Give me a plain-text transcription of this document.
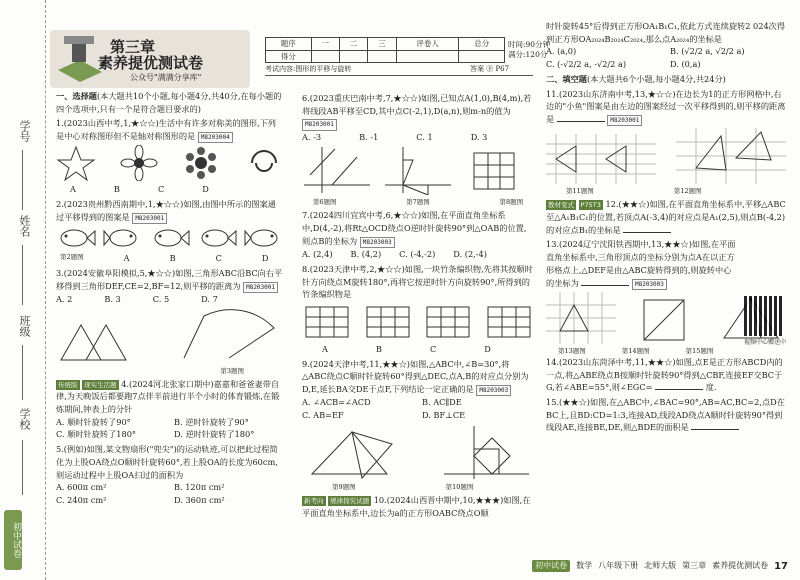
学号
姓名
班级
学校
初中试卷
第三章
素养提优测试卷
公众号"满满分享库"
题序	一	二	三	评卷人	总分
得分					
时间:90分钟
满分:120分
考试内容:图形的平移与旋转	答案 ⓟ P67
一、选择题(本大题共10个小题,每小题4分,共40分,在每小题的四个选项中,只有一个是符合题目要求的)
1.(2023山西中考,1,★☆☆)生活中有许多对称美的图形,下列是中心对称图形但不是轴对称图形的是 M8203004
A	B	C	D
2.(2023贵州黔西南期中,1,★☆☆)如图,由图中所示的图案通过平移得到的图案是 M8203001
第2题图	A	B	C	D
3.(2024安徽阜阳模拟,5,★☆☆)如图,三角形ABC沿BC向右平移得到三角形DEF,CE=2,BF=12,则平移的距离为 M8203001
A. 2	B. 3	C. 5	D. 7
第3题图
传统版 现实生活题 4.(2024河北张家口期中)嘉嘉和爸爸妻带自律,为天晚饭后都要跑7点伴半前进行半个小时的体育锻炼,在锻炼期间,钟表上的分针
A. 顺时针旋转了90°	B. 逆时针旋转了90°
C. 顺时针旋转了180°	D. 逆时针旋转了180°
5.(例如)如图,某文物扇形("兜尖")的运动轨迹,可以把此过程简化为上股OA绕点O顺时针旋转60°,若上股OA的长度为60cm,则运动过程中上股OA扫过的面积为
A. 600π cm²	B. 120π cm²
C. 240π cm²	D. 360π cm²
6.(2023重庆巴南中考,7,★☆☆)如图,已知点A(1,0),B(4,m),若将线段AB平移至CD,其中点C(-2,1),D(a,n),则m-n的值为 M8203001
A. -3	B. -1	C. 1	D. 3
第6题图	第7题图	第8题图
7.(2024四川宜宾中考,6,★☆☆)如图,在平面直角坐标系中,D(4,-2),将Rt△OCD绕点O逆时针旋转90°到△OAB的位置,则点B的坐标为 M8203003
A. (2,4) B. (4,2) C. (-4,-2) D. (2,-4)
8.(2023天津中考,2,★☆☆)如图,一块竹条编织物,先将其按顺时针方向绕点M旋转180°,再将它按逆时针方向旋转90°,所得到的竹条编织物是
A	B	C	D
9.(2024天津中考,11,★★☆)如图,△ABC中,∠B=30°,将△ABC绕点C顺时针旋转60°得到△DEC,点A,B的对应点分别为D,E,延长BA交DE于点F,下列结论一定正确的是 M8203003
A. ∠ACB=∠ACD	B. AC∥DE
C. AB=EF	D. BF⊥CE
第9题图	第10题图
新考向 规律探究试题 10.(2024山西晋中期中,10,★★★)如图,在平面直角坐标系中,边长为a的正方形OABC绕点O顺
时针旋转45°后得到正方形OA₁B₁C₁,依此方式连续旋转2 024次得到正方形OA₂₀₂₄B₂₀₂₄C₂₀₂₄,那么点A₂₀₂₄的坐标是
A. (a,0)	B. (√2/2 a, √2/2 a)
C. (-√2/2 a, -√2/2 a)	D. (0,a)
二、填空题(本大题共6个小题,每小题4分,共24分)
11.(2023山东济南中考,13,★☆☆)在边长为1的正方形网格中,右边的"小鱼"图案是由左边的图案经过一次平移得到的,则平移的距离是	M8203001
第11题图	第12题图
教材变式 P75T3 12.(★★☆)如图,在平面直角坐标系中,平移△ABC至△A₁B₁C₁的位置,若顶点A(-3,4)的对应点是A₁(2,5),则点B(-4,2)的对应点B₁的坐标是
13.(2024辽宁沈阳铁西期中,13,★★☆)如图,在平面直角坐标系中,三角形顶点的坐标分别为点A在以正方形格点上,△DEF是由△ABC旋转得到的,则旋转中心的坐标为	M8203003
第13题图	第14题图	第15题图
14.(2023山东菏泽中考,11,★★☆)如图,点E是正方形ABCD内的一点,将△ABE绕点B按顺时针旋转90°得到△CBF,连接EF交BC于G,若∠ABE=55°,则∠EGC=	度.
15.(★★☆)如图,在△ABC中,∠BAC=90°,AB=AC,BC=2,点D在BC上,且BD:CD=1:3,连接AD,线段AD绕点A顺时针旋转90°得到线段AE,连接BE,DE,则△BDE的面积是
视频中心赠送中
初中试卷	数学 八年级下册 北师大版 第三章 素养提优测试卷 17
